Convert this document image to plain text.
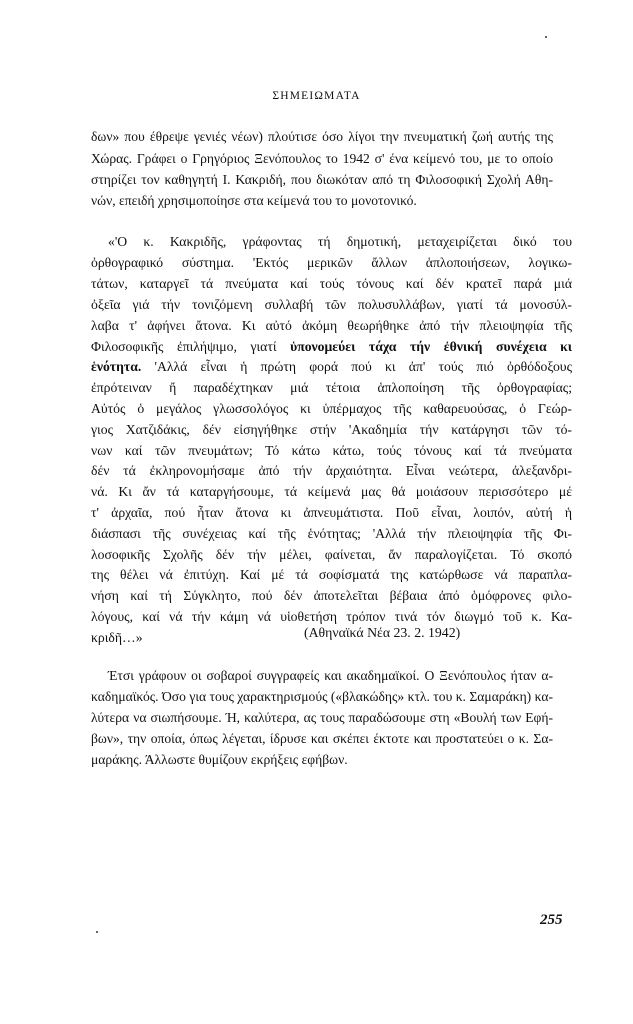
ΣΗΜΕΙΩΜΑΤΑ
δων» που έθρεψε γενιές νέων) πλούτισε όσο λίγοι την πνευματική ζωή αυτής της
Χώρας. Γράφει ο Γρηγόριος Ξενόπουλος το 1942 σ' ένα κείμενό του, με το οποίο
στηρίζει τον καθηγητή Ι. Κακριδή, που διωκόταν από τη Φιλοσοφική Σχολή Αθη-
νών, επειδή χρησιμοποίησε στα κείμενά του το μονοτονικό.
«'Ο κ. Κακριδῆς, γράφοντας τή δημοτική, μεταχειρίζεται δικό του
ὀρθογραφικό σύστημα. 'Εκτός μερικῶν ἄλλων ἁπλοποιήσεων, λογικω-
τάτων, καταργεῖ τά πνεύματα καί τούς τόνους καί δέν κρατεῖ παρά μιά
ὀξεῖα γιά τήν τονιζόμενη συλλαβή τῶν πολυσυλλάβων, γιατί τά μονοσύλ-
λαβα τ' ἀφήνει ἄτονα. Κι αὐτό ἀκόμη θεωρήθηκε ἀπό τήν πλειοψηφία τῆς
Φιλοσοφικῆς ἐπιλήψιμο, γιατί ὑπονομεύει τάχα τήν ἐθνική συνέχεια κι
ἑνότητα. 'Αλλά εἶναι ἡ πρώτη φορά πού κι ἀπ' τούς πιό ὀρθόδοξους
ἐπρότειναν ἤ παραδέχτηκαν μιά τέτοια ἁπλοποίηση τῆς ὀρθογραφίας;
Αὐτός ὁ μεγάλος γλωσσολόγος κι ὑπέρμαχος τῆς καθαρευούσας, ὁ Γεώρ-
γιος Χατζιδάκις, δέν εἰσηγήθηκε στήν 'Ακαδημία τήν κατάργησι τῶν τό-
νων καί τῶν πνευμάτων; Τό κάτω κάτω, τούς τόνους καί τά πνεύματα
δέν τά ἐκληρονομήσαμε ἀπό τήν ἀρχαιότητα. Εἶναι νεώτερα, ἀλεξανδρι-
νά. Κι ἄν τά καταργήσουμε, τά κείμενά μας θά μοιάσουν περισσότερο μέ
τ' ἀρχαῖα, πού ἦταν ἄτονα κι ἀπνευμάτιστα. Ποῦ εἶναι, λοιπόν, αὐτή ἡ
διάσπασι τῆς συνέχειας καί τῆς ἑνότητας; 'Αλλά τήν πλειοψηφία τῆς Φι-
λοσοφικῆς Σχολῆς δέν τήν μέλει, φαίνεται, ἄν παραλογίζεται. Τό σκοπό
της θέλει νά ἐπιτύχη. Καί μέ τά σοφίσματά της κατώρθωσε νά παραπλα-
νήση καί τή Σύγκλητο, πού δέν ἀποτελεῖται βέβαια ἀπό ὁμόφρονες φιλο-
λόγους, καί νά τήν κάμη νά υἱοθετήση τρόπον τινά τόν διωγμό τοῦ κ. Κα-
κριδῆ…»	(Αθηναϊκά Νέα 23. 2. 1942)
Έτσι γράφουν οι σοβαροί συγγραφείς και ακαδημαϊκοί. Ο Ξενόπουλος ήταν α-
καδημαϊκός. Όσο για τους χαρακτηρισμούς («βλακώδης» κτλ. του κ. Σαμαράκη) κα-
λύτερα να σιωπήσουμε. Ή, καλύτερα, ας τους παραδώσουμε στη «Βουλή των Εφή-
βων», την οποία, όπως λέγεται, ίδρυσε και σκέπει έκτοτε και προστατεύει ο κ. Σα-
μαράκης. Άλλωστε θυμίζουν εκρήξεις εφήβων.
255
